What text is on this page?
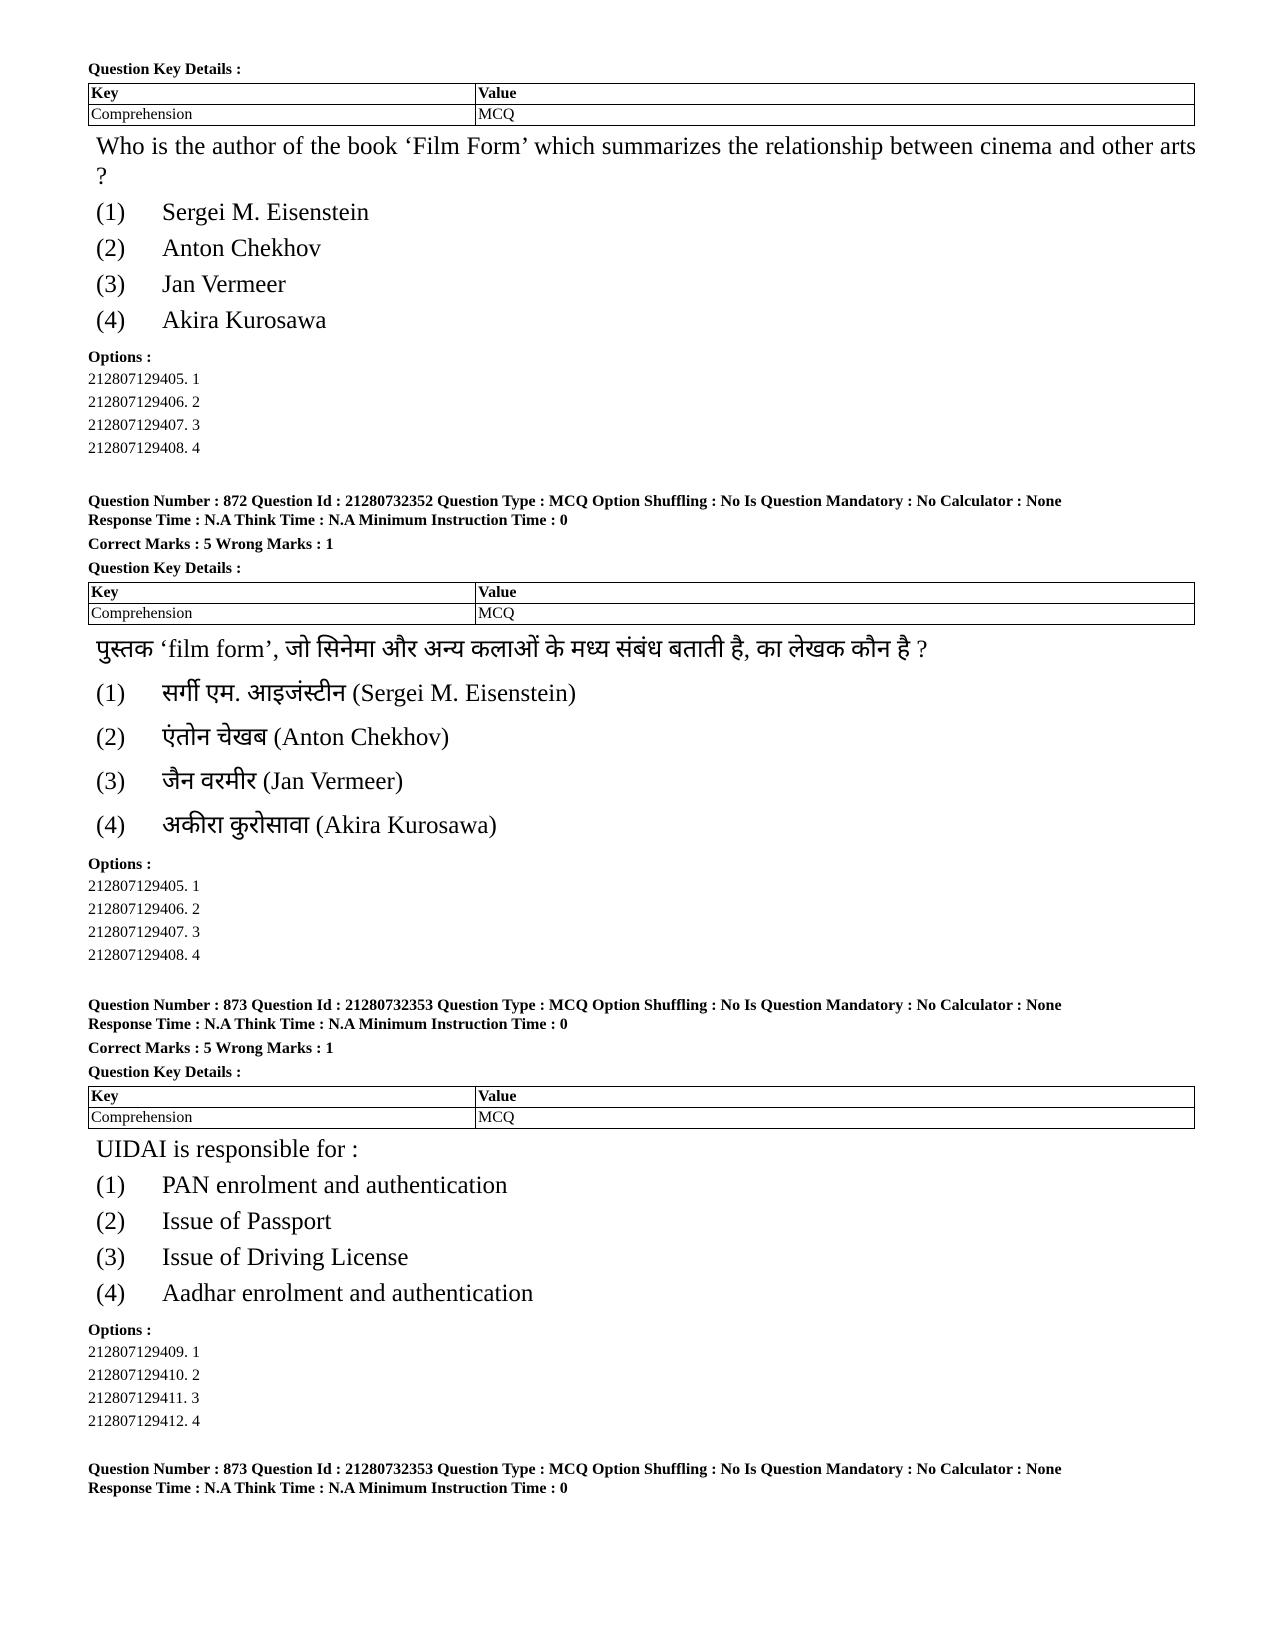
Question Key Details :

Key	Value
Comprehension	MCQ

Who is the author of the book ‘Film Form’ which summarizes the relationship between cinema and other arts ?

(1)	Sergei M. Eisenstein
(2)	Anton Chekhov
(3)	Jan Vermeer
(4)	Akira Kurosawa

Options :

212807129405. 1

212807129406. 2

212807129407. 3

212807129408. 4

Question Number : 872 Question Id : 21280732352 Question Type : MCQ Option Shuffling : No Is Question Mandatory : No Calculator : None

Response Time : N.A Think Time : N.A Minimum Instruction Time : 0

Correct Marks : 5 Wrong Marks : 1

Question Key Details :

Key	Value
Comprehension	MCQ

पुस्तक ‘film form’, जो सिनेमा और अन्य कलाओं के मध्य संबंध बताती है, का लेखक कौन है ?

(1)	सर्गी एम. आइजंस्टीन (Sergei M. Eisenstein)
(2)	एंतोन चेखब (Anton Chekhov)
(3)	जैन वरमीर (Jan Vermeer)
(4)	अकीरा कुरोसावा (Akira Kurosawa)

Options :

212807129405. 1

212807129406. 2

212807129407. 3

212807129408. 4

Question Number : 873 Question Id : 21280732353 Question Type : MCQ Option Shuffling : No Is Question Mandatory : No Calculator : None

Response Time : N.A Think Time : N.A Minimum Instruction Time : 0

Correct Marks : 5 Wrong Marks : 1

Question Key Details :

Key	Value
Comprehension	MCQ

UIDAI is responsible for :

(1)	PAN enrolment and authentication
(2)	Issue of Passport
(3)	Issue of Driving License
(4)	Aadhar enrolment and authentication

Options :

212807129409. 1

212807129410. 2

212807129411. 3

212807129412. 4

Question Number : 873 Question Id : 21280732353 Question Type : MCQ Option Shuffling : No Is Question Mandatory : No Calculator : None

Response Time : N.A Think Time : N.A Minimum Instruction Time : 0
